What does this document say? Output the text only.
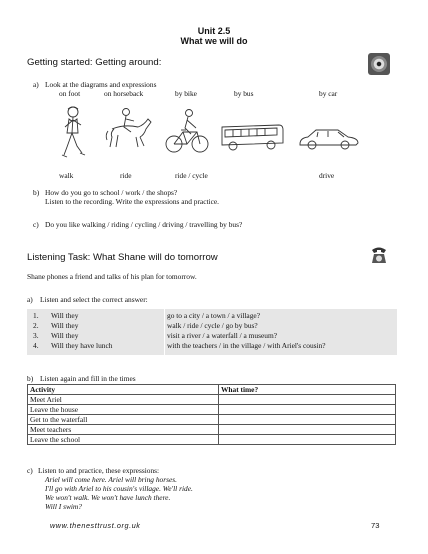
Unit 2.5
What we will do
Getting started: Getting around:
a) Look at the diagrams and expressions
on foot	on horseback	by bike	by bus	by car
walk	ride	ride / cycle	drive
b) How do you go to school / work / the shops?
Listen to the recording. Write the expressions and practice.
c) Do you like walking / riding / cycling / driving / travelling by bus?
Listening Task: What Shane will do tomorrow
Shane phones a friend and talks of his plan for tomorrow.
a) Listen and select the correct answer:
1.	Will they	go to a city / a town / a village?
2.	Will they	walk / ride / cycle / go by bus?
3.	Will they	visit a river / a waterfall / a museum?
4.	Will they have lunch	with the teachers / in the village / with Ariel's cousin?
b) Listen again and fill in the times
Activity	What time?
Meet Ariel	
Leave the house	
Get to the waterfall	
Meet teachers	
Leave the school	
c) Listen to and practice, these expressions:
Ariel will come here. Ariel will bring horses.
I'll go with Ariel to his cousin's village. We'll ride.
We won't walk. We won't have lunch there.
Will I swim?
www.thenesttrust.org.uk	73
